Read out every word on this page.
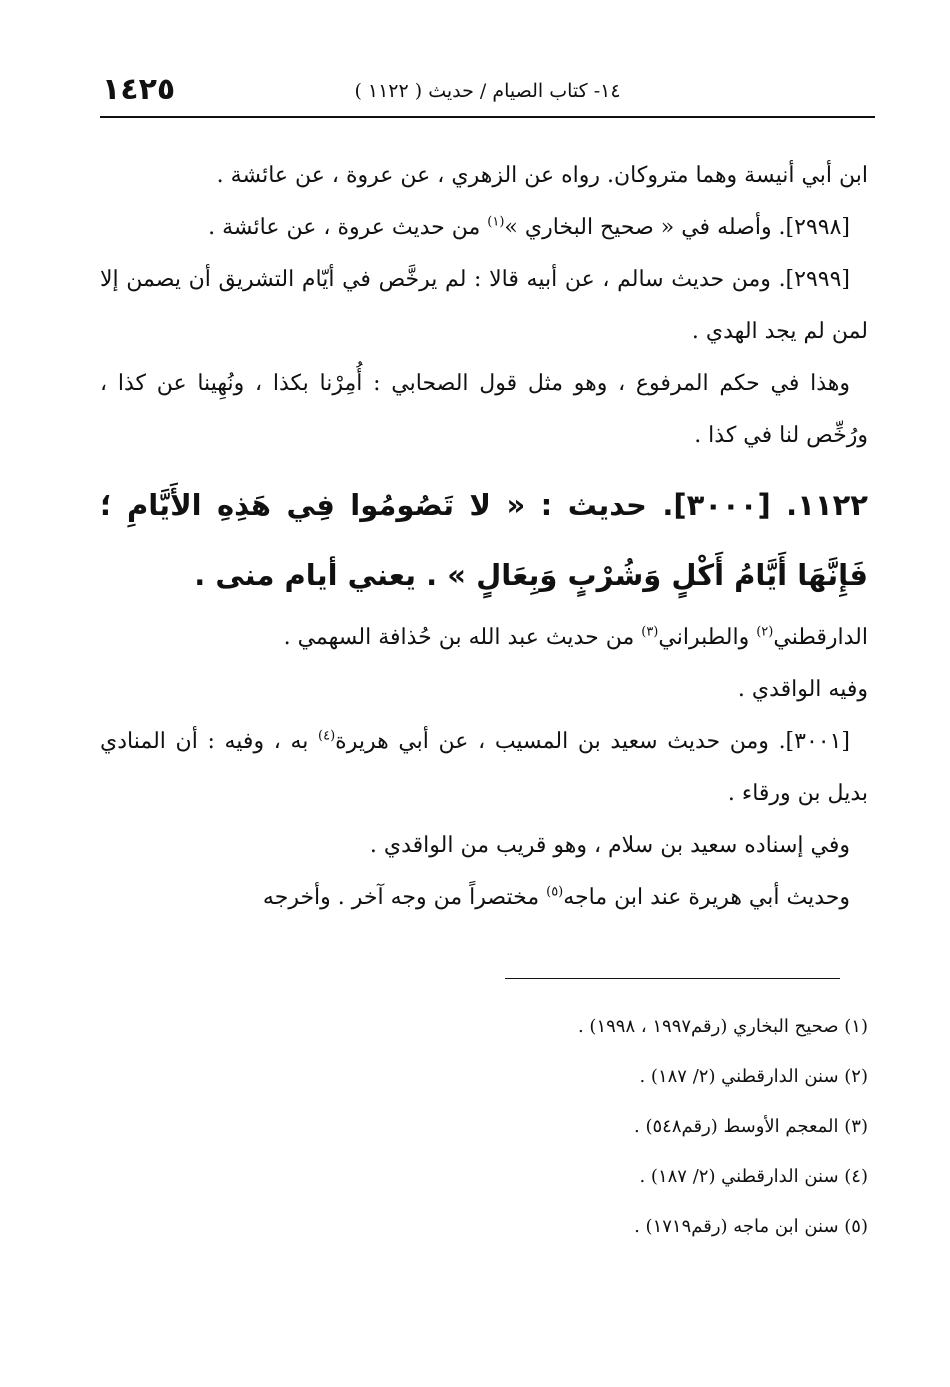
١٤٢٥	١٤- كتاب الصيام / حديث ( ١١٢٢ )

ابن أبي أنيسة وهما متروكان. رواه عن الزهري ، عن عروة ، عن عائشة .

[٢٩٩٨]. وأصله في « صحيح البخاري »$^{(١)}$ من حديث عروة ، عن عائشة .

[٢٩٩٩]. ومن حديث سالم ، عن أبيه قالا : لم يرخَّص في أيّام التشريق أن يصمن إلا لمن لم يجد الهدي .

وهذا في حكم المرفوع ، وهو مثل قول الصحابي : أُمِرْنا بكذا ، ونُهِينا عن كذا ، ورُخِّص لنا في كذا .

١١٢٢. [٣٠٠٠]. حديث : « لا تَصُومُوا فِي هَذِهِ الأَيَّامِ ؛ فَإِنَّهَا أَيَّامُ أَكْلٍ وَشُرْبٍ وَبِعَالٍ » . يعني أيام منى .

الدارقطني$^{(٢)}$ والطبراني$^{(٣)}$ من حديث عبد الله بن حُذافة السهمي .

وفيه الواقدي .

[٣٠٠١]. ومن حديث سعيد بن المسيب ، عن أبي هريرة$^{(٤)}$ به ، وفيه : أن المنادي بديل بن ورقاء .

وفي إسناده سعيد بن سلام ، وهو قريب من الواقدي .

وحديث أبي هريرة عند ابن ماجه$^{(٥)}$ مختصراً من وجه آخر . وأخرجه

(١) صحيح البخاري (رقم١٩٩٧ ، ١٩٩٨) .
(٢) سنن الدارقطني (٢/ ١٨٧) .
(٣) المعجم الأوسط (رقم٥٤٨) .
(٤) سنن الدارقطني (٢/ ١٨٧) .
(٥) سنن ابن ماجه (رقم١٧١٩) .
